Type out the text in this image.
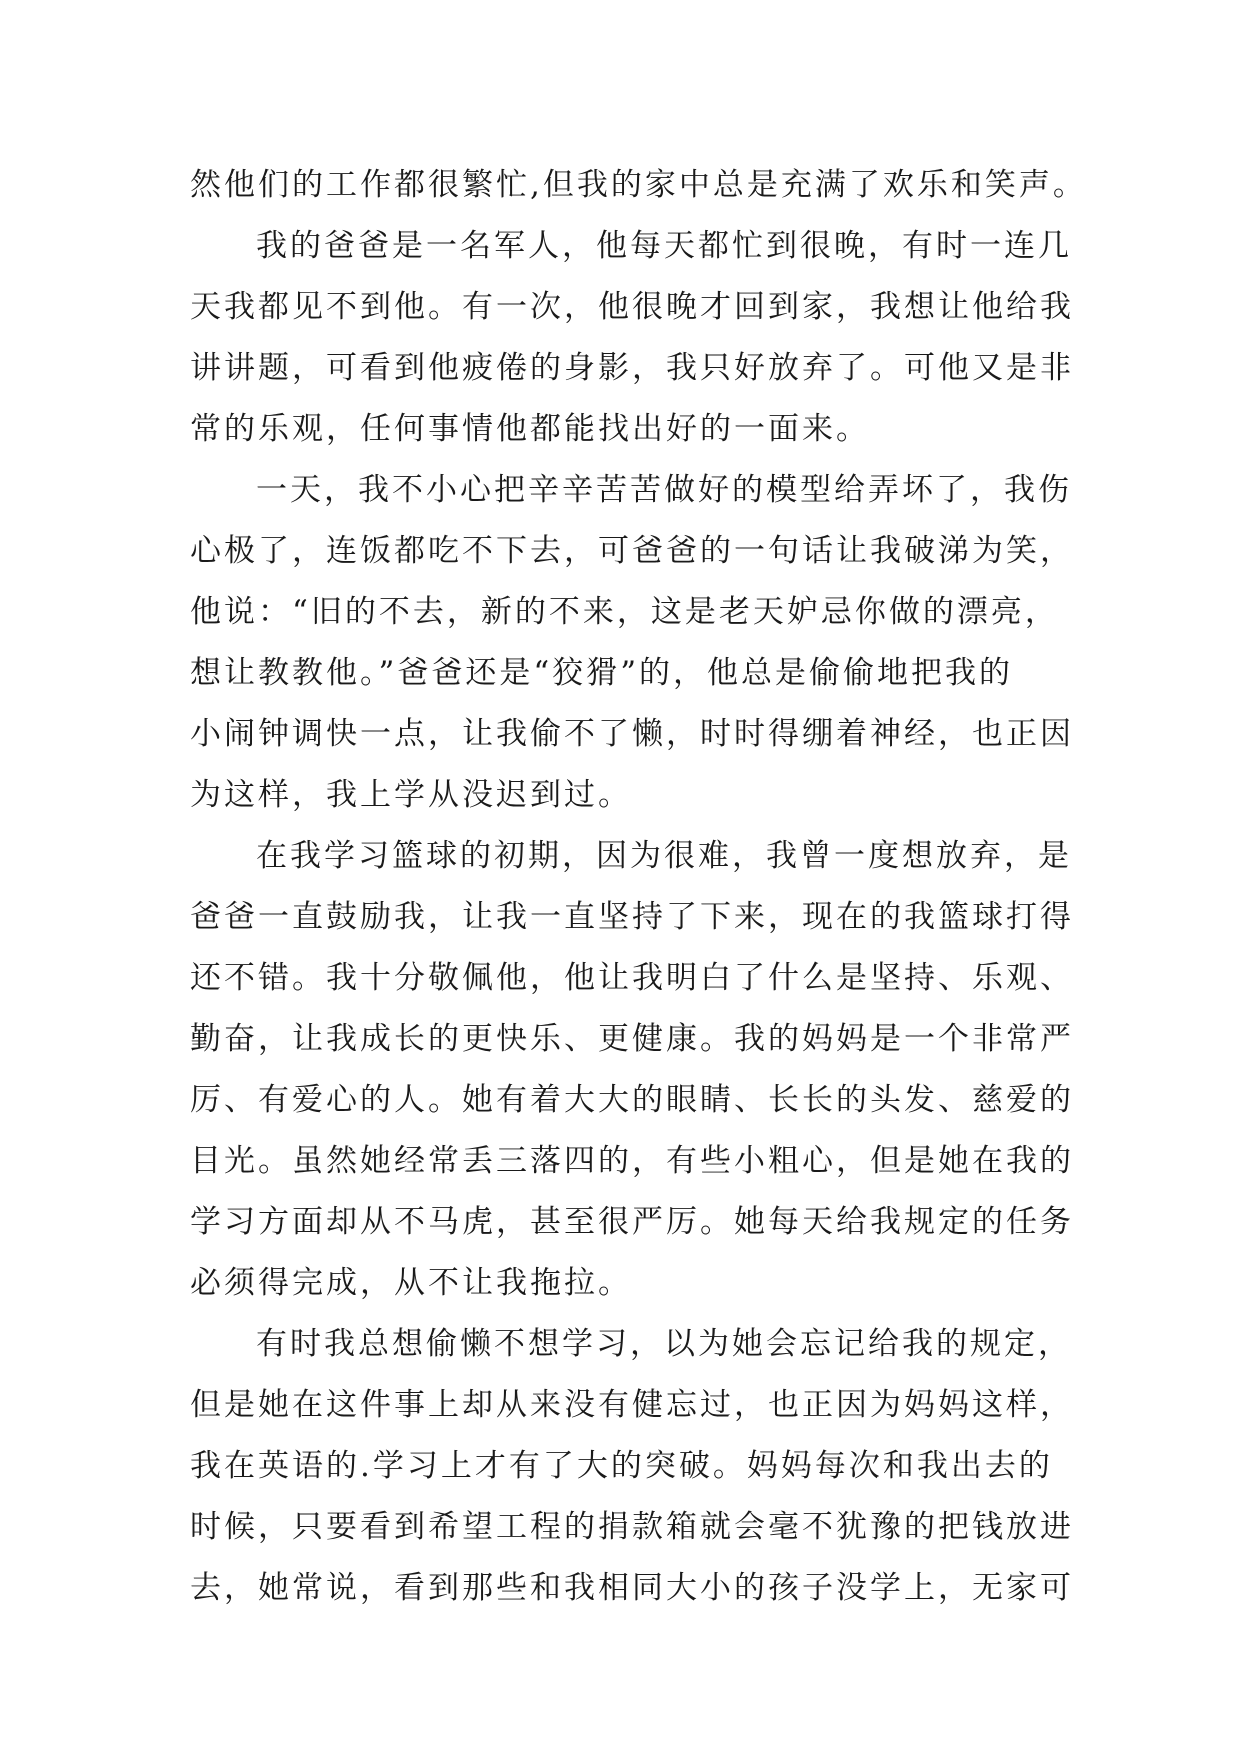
然他们的工作都很繁忙,但我的家中总是充满了欢乐和笑声。
我的爸爸是一名军人，他每天都忙到很晚，有时一连几
天我都见不到他。有一次，他很晚才回到家，我想让他给我
讲讲题，可看到他疲倦的身影，我只好放弃了。可他又是非
常的乐观，任何事情他都能找出好的一面来。
一天，我不小心把辛辛苦苦做好的模型给弄坏了，我伤
心极了，连饭都吃不下去，可爸爸的一句话让我破涕为笑，
他说：“旧的不去，新的不来，这是老天妒忌你做的漂亮，
想让教教他。”爸爸还是“狡猾”的，他总是偷偷地把我的
小闹钟调快一点，让我偷不了懒，时时得绷着神经，也正因
为这样，我上学从没迟到过。
在我学习篮球的初期，因为很难，我曾一度想放弃，是
爸爸一直鼓励我，让我一直坚持了下来，现在的我篮球打得
还不错。我十分敬佩他，他让我明白了什么是坚持、乐观、
勤奋，让我成长的更快乐、更健康。我的妈妈是一个非常严
厉、有爱心的人。她有着大大的眼睛、长长的头发、慈爱的
目光。虽然她经常丢三落四的，有些小粗心，但是她在我的
学习方面却从不马虎，甚至很严厉。她每天给我规定的任务
必须得完成，从不让我拖拉。
有时我总想偷懒不想学习，以为她会忘记给我的规定，
但是她在这件事上却从来没有健忘过，也正因为妈妈这样，
我在英语的.学习上才有了大的突破。妈妈每次和我出去的
时候，只要看到希望工程的捐款箱就会毫不犹豫的把钱放进
去，她常说，看到那些和我相同大小的孩子没学上，无家可
